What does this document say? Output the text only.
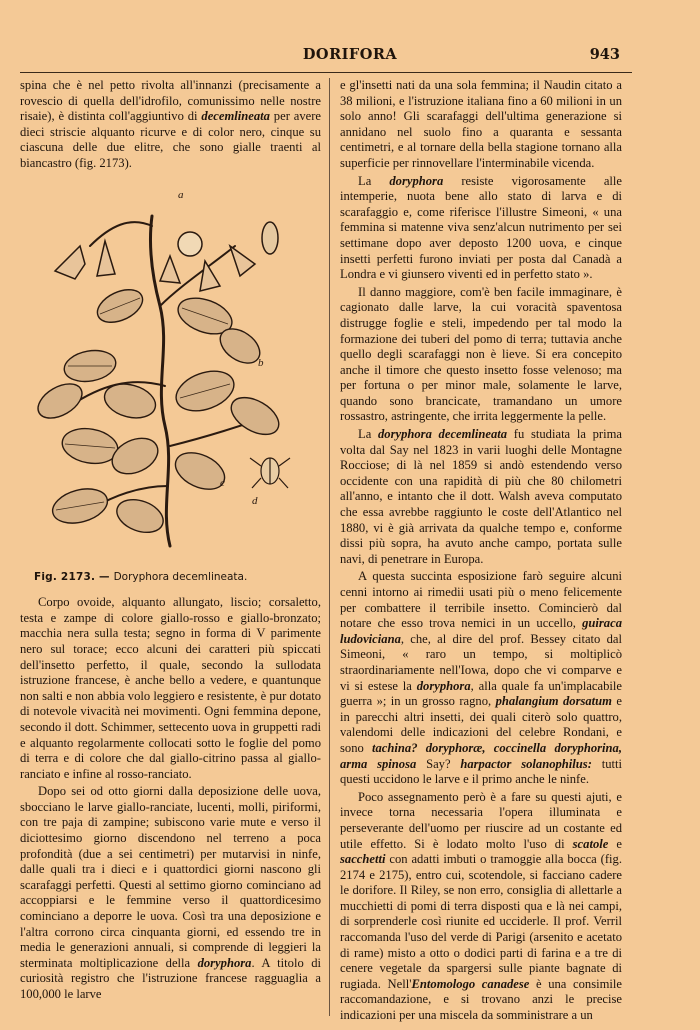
DORIFORA	943

spina che è nel petto rivolta all'innanzi (precisamente a rovescio di quella dell'idrofilo, comunissimo nelle nostre risaie), è distinta coll'aggiuntivo di decemlineata per avere dieci striscie alquanto ricurve e di color nero, cinque su ciascuna delle due elitre, che sono gialle traenti al biancastro (fig. 2173).

a
b
c
d
Fig. 2173. — Doryphora decemlineata.

Corpo ovoide, alquanto allungato, liscio; corsaletto, testa e zampe di colore giallo-rosso e giallo-bronzato; macchia nera sulla testa; segno in forma di V parimente nero sul torace; ecco alcuni dei caratteri più spiccati dell'insetto perfetto, il quale, secondo la sullodata istruzione francese, è anche bello a vedere, e quantunque non salti e non abbia volo leggiero e resistente, è pur dotato di notevole vivacità nei movimenti. Ogni femmina depone, secondo il dott. Schimmer, settecento uova in gruppetti radi e alquanto regolarmente collocati sotto le foglie del pomo di terra e di colore che dal giallo-citrino passa al giallo-ranciato e infine al rosso-ranciato.

Dopo sei od otto giorni dalla deposizione delle uova, sbocciano le larve giallo-ranciate, lucenti, molli, piriformi, con tre paja di zampine; subiscono varie mute e verso il diciottesimo giorno discendono nel terreno a poca profondità (due a sei centimetri) per mutarvisi in ninfe, dalle quali tra i dieci e i quattordici giorni nascono gli scarafaggi perfetti. Questi al settimo giorno cominciano ad accoppiarsi e le femmine verso il quattordicesimo cominciano a deporre le uova. Così tra una deposizione e l'altra corrono circa cinquanta giorni, ed essendo tre in media le generazioni annuali, si comprende di leggieri la sterminata moltiplicazione della doryphora. A titolo di curiosità registro che l'istruzione francese ragguaglia a 100,000 le larve

e gl'insetti nati da una sola femmina; il Naudin citato a 38 milioni, e l'istruzione italiana fino a 60 milioni in un solo anno! Gli scarafaggi dell'ultima generazione si annidano nel suolo fino a quaranta e sessanta centimetri, e al tornare della bella stagione tornano alla superficie per rinnovellare l'interminabile vicenda.

La doryphora resiste vigorosamente alle intemperie, nuota bene allo stato di larva e di scarafaggio e, come riferisce l'illustre Simeoni, « una femmina si matenne viva senz'alcun nutrimento per sei settimane dopo aver deposto 1200 uova, e cinque insetti perfetti furono inviati per posta dal Canadà a Londra e vi giunsero viventi ed in perfetto stato ».

Il danno maggiore, com'è ben facile immaginare, è cagionato dalle larve, la cui voracità spaventosa distrugge foglie e steli, impedendo per tal modo la formazione dei tuberi del pomo di terra; tuttavia anche quello degli scarafaggi non è lieve. Si era concepito anche il timore che questo insetto fosse velenoso; ma per fortuna o per minor male, solamente le larve, quando sono brancicate, tramandano un umore rossastro, astringente, che irrita leggermente la pelle.

La doryphora decemlineata fu studiata la prima volta dal Say nel 1823 in varii luoghi delle Montagne Rocciose; di là nel 1859 si andò estendendo verso occidente con una rapidità di più che 80 chilometri all'anno, e intanto che il dott. Walsh aveva computato che essa avrebbe raggiunto le coste dell'Atlantico nel 1880, vi è già arrivata da qualche tempo e, conforme dissi più sopra, ha avuto anche campo, portata sulle navi, di penetrare in Europa.

A questa succinta esposizione farò seguire alcuni cenni intorno ai rimedii usati più o meno felicemente per combattere il terribile insetto. Comincierò dal notare che esso trova nemici in un uccello, guiraca ludoviciana, che, al dire del prof. Bessey citato dal Simeoni, « raro un tempo, si moltiplicò straordinariamente nell'Iowa, dopo che vi comparve e vi si estese la doryphora, alla quale fa un'implacabile guerra »; in un grosso ragno, phalangium dorsatum e in parecchi altri insetti, dei quali citerò solo quattro, valendomi delle indicazioni del celebre Rondani, e sono tachina? doryphoræ, coccinella doryphorina, arma spinosa Say? harpactor solanophilus: tutti questi uccidono le larve e il primo anche le ninfe.

Poco assegnamento però è a fare su questi ajuti, e invece torna necessaria l'opera illuminata e perseverante dell'uomo per riuscire ad un costante ed utile effetto. Si è lodato molto l'uso di scatole e sacchetti con adatti imbuti o tramoggie alla bocca (fig. 2174 e 2175), entro cui, scotendole, si facciano cadere le dorifore. Il Riley, se non erro, consiglia di allettarle a mucchietti di pomi di terra disposti qua e là nei campi, di sorprenderle così riunite ed ucciderle. Il prof. Verril raccomanda l'uso del verde di Parigi (arsenito e acetato di rame) misto a otto o dodici parti di farina e a tre di cenere vegetale da spargersi sulle piante bagnate di rugiada. Nell'Entomologo canadese è una consimile raccomandazione, e si trovano anzi le precise indicazioni per una miscela da somministrare a un
